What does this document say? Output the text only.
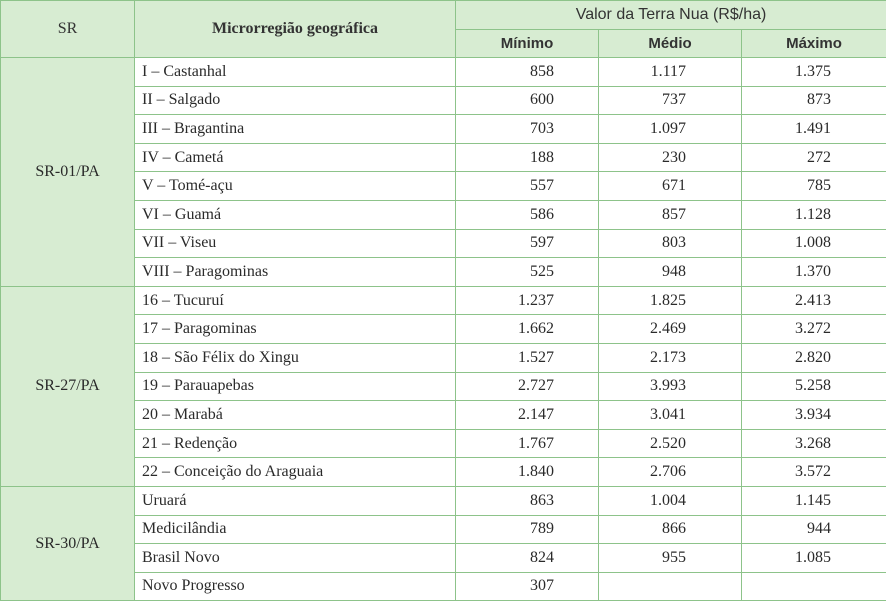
SR	Microrregião geográfica	Valor da Terra Nua (R$/ha)		
		Mínimo	Médio	Máximo
SR-01/PA	I – Castanhal	858	1.117	1.375
	II – Salgado	600	737	873
	III – Bragantina	703	1.097	1.491
	IV – Cametá	188	230	272
	V – Tomé-açu	557	671	785
	VI – Guamá	586	857	1.128
	VII – Viseu	597	803	1.008
	VIII – Paragominas	525	948	1.370
SR-27/PA	16 – Tucuruí	1.237	1.825	2.413
	17 – Paragominas	1.662	2.469	3.272
	18 – São Félix do Xingu	1.527	2.173	2.820
	19 – Parauapebas	2.727	3.993	5.258
	20 – Marabá	2.147	3.041	3.934
	21 – Redenção	1.767	2.520	3.268
	22 – Conceição do Araguaia	1.840	2.706	3.572
SR-30/PA	Uruará	863	1.004	1.145
	Medicilândia	789	866	944
	Brasil Novo	824	955	1.085
	Novo Progresso	307		
